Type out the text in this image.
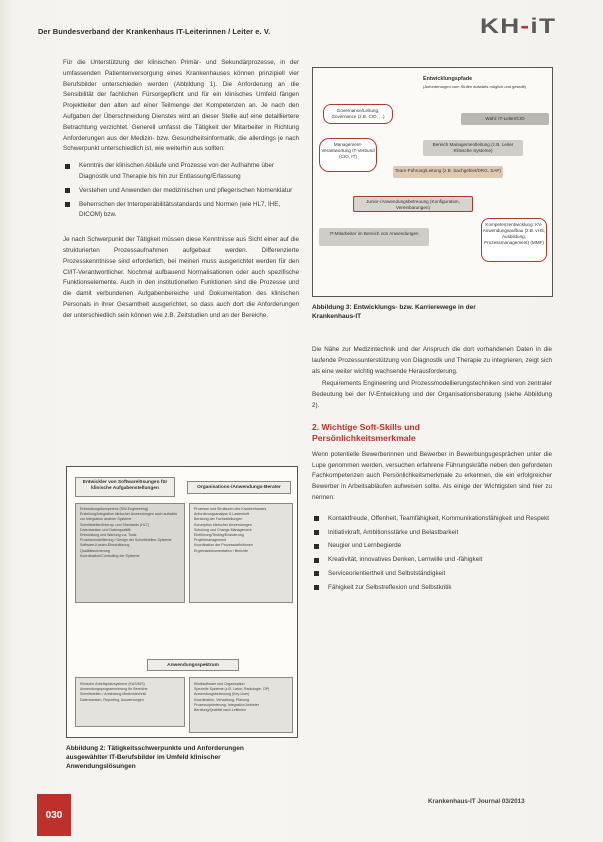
Der Bundesverband der Krankenhaus IT-Leiterinnen / Leiter e. V.	KH-iT

Für die Unterstützung der klinischen Primär- und Sekundärprozesse, in der umfassenden Patientenversorgung eines Krankenhauses können prinzipiell vier Berufsbilder unterschieden werden (Abbildung 1). Die Anforderung an die Sensibilität der fachlichen Fürsorgepflicht und für ein klinisches Umfeld fängen Projektleiter den alten auf einer Teilmenge der Kompetenzen an. Je nach den Aufgaben der Überschneidung Dienstes wird an dieser Stelle auf eine detailliertere Betrachtung verzichtet. Generell umfasst die Tätigkeit der Mitarbeiter in Richtung Anforderungen aus der Medizin- bzw. Gesundheitsinformatik, die allerdings je nach Schwerpunkt unterschiedlich ist, wie weiterhin aus sollten:

Kenntnis der klinischen Abläufe und Prozesse von der Aufnahme über Diagnostik und Therapie bis hin zur Entlassung/Erfassung
Verstehen und Anwenden der medizinischen und pflegerischen Nomenklatur
Beherrschen der Interoperabilitätsstandards und Normen (wie HL7, IHE, DICOM) bzw.

Je nach Schwerpunkt der Tätigkeit müssen diese Kenntnisse aus Sicht einer auf die strukturierten Prozessaufnahmen aufgebaut werden. Differenzierte Prozesskenntnisse sind erforderlich, bei meinen muss ausgerichtet werden für den Cl/IT-Verantwortlicher. Nochmal aufbauend Normalisationen oder auch spezifische Funktionselemente. Auch in den institutionellen Funktionen sind die Prozesse und die damit verbundenen Aufgabenbereiche und Dokumentation des klinischen Personals in ihrer Gesamtheit ausgerichtet, so dass auch dort die Anforderungen der unterschiedlich sein können wie z.B. Zeitstudien und an der Bereiche.

Entwicklungspfade
(Anforderungen vom Stufen aufwärts möglich und gewollt)
Governance/Leitung, Governance (z.B. CIO, ...)
Management-Verantwortung IT-Verbund (CIO, IT)
Wahl: IT-Leiter/CIO
Bereich Managementleitung (z.B. Leiter Klinische Systeme)
Team-Führung/Leitung (z.B. Sachgebiet/DRG, SAP)
Junior-/Anwendungsbetreuung (Konfiguration, Vereinbarungen)
IT-Mitarbeiter im Bereich von Anwendungen
Kompetenzentwicklung: KV-Anwendungsaufbau (z.B. vHS, Ausbildung, Prozessmanagement) (MMF)
Abbildung 3: Entwicklungs- bzw. Karrierewege in der Krankenhaus-IT

Die Nähe zur Medizintechnik und der Anspruch die dort vorhandenen Daten in die laufende Prozessunterstützung von Diagnostik und Therapie zu integrieren, zeigt sich als eine weiter wichtig wachsende Herausforderung.

Requirements Engineering und Prozessmodellierungstechniken sind von zentraler Bedeutung bei der IV-Entwicklung und der Organisationsberatung (siehe Abbildung 2).

2. Wichtige Soft-Skills und Persönlichkeitsmerkmale

Wenn potentielle Bewerberinnen und Bewerber in Bewerbungsgesprächen unter die Lupe genommen werden, versuchen erfahrene Führungskräfte neben den gefordeten Fachkompetenzen auch Persönlichkeitsmerkmale zu erkennen, die ein erfolgreicher Bewerber in Arbeitsabläufen aufweisen sollte. Als einige der Wichtigsten sind hier zu nennen:

Kontaktfreude, Offenheit, Teamfähigkeit, Kommunikationsfähigkeit und Respekt
Initiativkraft, Ambitionsstärke und Belastbarkeit
Neugier und Lernbegierde
Kreativität, innovatives Denken, Lernwille und -fähigkeit
Serviceorientiertheit und Selbstständigkeit
Fähigkeit zur Selbstreflexion und Selbstkritik
Entwickler von Softwarelösungen für klinische Aufgabenstellungen	Organisations-/Anwendungs-Berater
Entwicklungskompetenz (SW-Engineering)
Erstellung/Integration klinischer Anwendungen auch aufwärts zur Integration anderer Systeme
Schnittstellen/Interop. und Standards (HL7)
Datenbanken und Datenqualität
Entwicklung und Wartung v.a. Tools
Prozessmodellierung / Design der Schnittstellen-Systeme
Software-Kosten-Einschätzung
Qualitätssicherung
Koordination/Controlling der Systeme
Prozesse und Strukturen des Krankenhauses
Anforderungsanalyse & Lastenheft
Beratung der Fachabteilungen
Konzeption klinischer Anwendungen
Schulung und Change Management
Einführung/Testing/Evaluierung
Projektmanagement
Koordination der Prozessdefinitionen
Ergebnisdokumentation / Berichte
Anwendungsspektrum
Klinische Arbeitsplatzsysteme (KAS/KIS)
Anwendungsprogrammierung für Bereiche
Schnittstellen / Anbindung Medizintechnik
Datenbanken, Reporting, Auswertungen
Kliniksoftware und Organisation
Spezielle Systeme (z.B. Labor, Radiologie, OP)
Anwendungsbetreuung (Key-User)
Koordination, Verwaltung, Planung
Prozessoptimierung, Integration Anbieter
Beratung/Qualität nach Leitlinien
Abbildung 2: Tätigkeitsschwerpunkte und Anforderungen ausgewählter IT-Berufsbilder im Umfeld klinischer Anwendungslösungen
030
Krankenhaus-IT Journal 03/2013
